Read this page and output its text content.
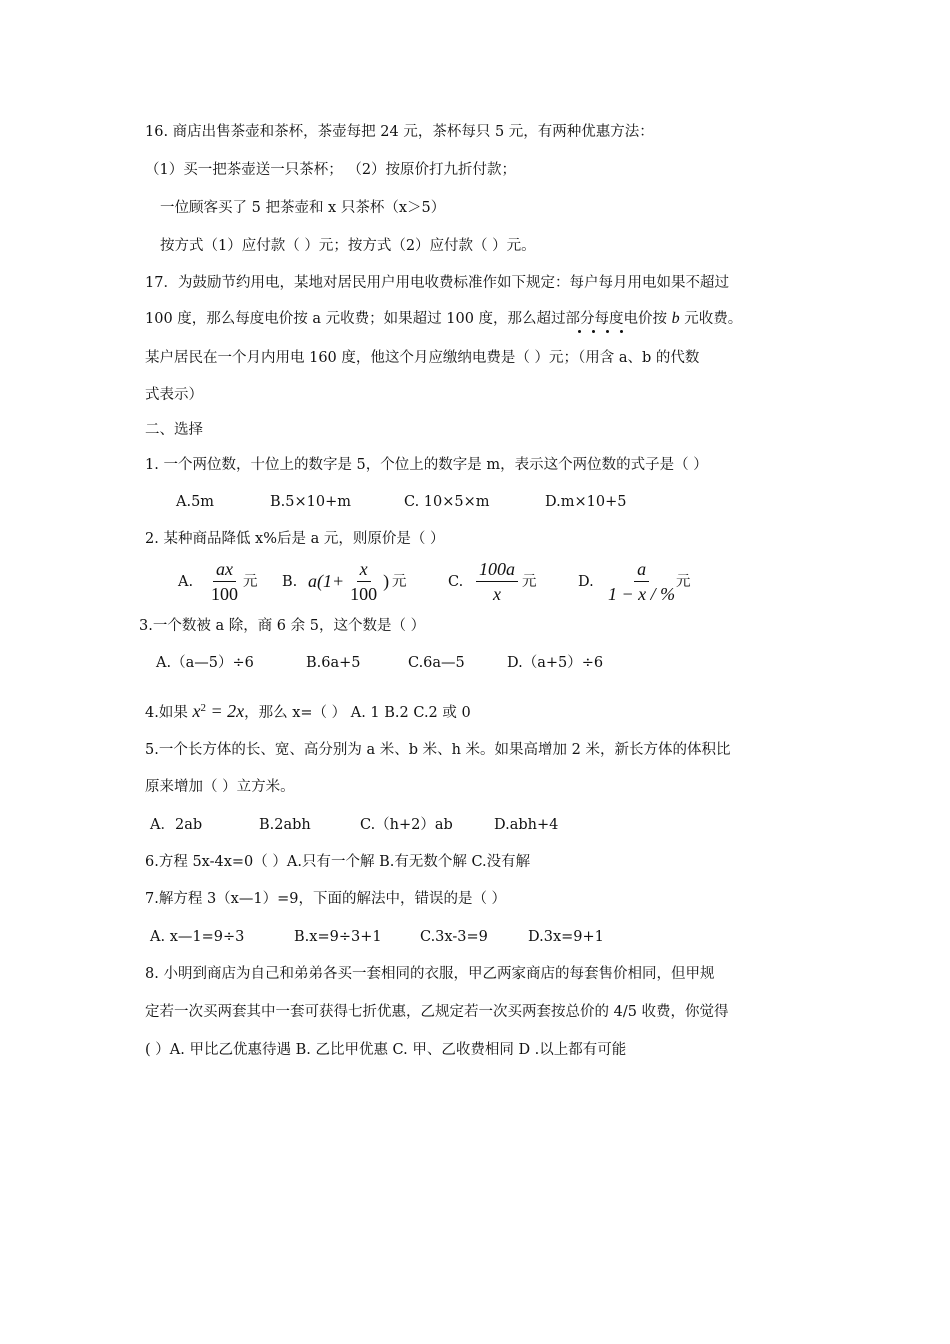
16. 商店出售茶壶和茶杯，茶壶每把 24 元，茶杯每只 5 元，有两种优惠方法：
（1）买一把茶壶送一只茶杯； （2）按原价打九折付款；
一位顾客买了 5 把茶壶和 x 只茶杯（x＞5）
按方式（1）应付款（ ）元；按方式（2）应付款（ ）元。
17．为鼓励节约用电，某地对居民用户用电收费标准作如下规定：每户每月用电如果不超过
100 度，那么每度电价按 a 元收费；如果超过 100 度，那么超过部分每度电价按 b 元收费。
某户居民在一个月内用电 160 度，他这个月应缴纳电费是（ ）元；（用含 a、b 的代数
式表示）
二、选择
1. 一个两位数，十位上的数字是 5，个位上的数字是 m，表示这个两位数的式子是（ ）
A.5m	B.5×10+m	C. 10×5×m	D.m×10+5
2. 某种商品降低 x%后是 a 元，则原价是（ ）
A. $\frac{ax}{100}$ 元 B. $a(1+ \frac{x}{100}$ ) 元	C. $\frac{100a}{x}$ 元	D. $\frac{a}{1 - x / \%}$
元
3.一个数被 a 除，商 6 余 5，这个数是（ ）
A.（a—5）÷6	B.6a+5	C.6a—5	D.（a+5）÷6
4.如果 $x^2 = 2x$，那么 x=（ ） A. 1 B.2 C.2 或 0
5.一个长方体的长、宽、高分别为 a 米、b 米、h 米。如果高增加 2 米，新长方体的体积比
原来增加（ ）立方米。
A．2ab	B.2abh	C.（h+2）ab	D.abh+4
6.方程 5x-4x=0（ ）A.只有一个解 B.有无数个解 C.没有解
7.解方程 3（x—1）=9，下面的解法中，错误的是（ ）
A. x—1=9÷3	B.x=9÷3+1	C.3x-3=9	D.3x=9+1
8. 小明到商店为自己和弟弟各买一套相同的衣服，甲乙两家商店的每套售价相同，但甲规
定若一次买两套其中一套可获得七折优惠，乙规定若一次买两套按总价的 4/5 收费，你觉得
( ）A. 甲比乙优惠待遇 B. 乙比甲优惠 C. 甲、乙收费相同 D .以上都有可能
